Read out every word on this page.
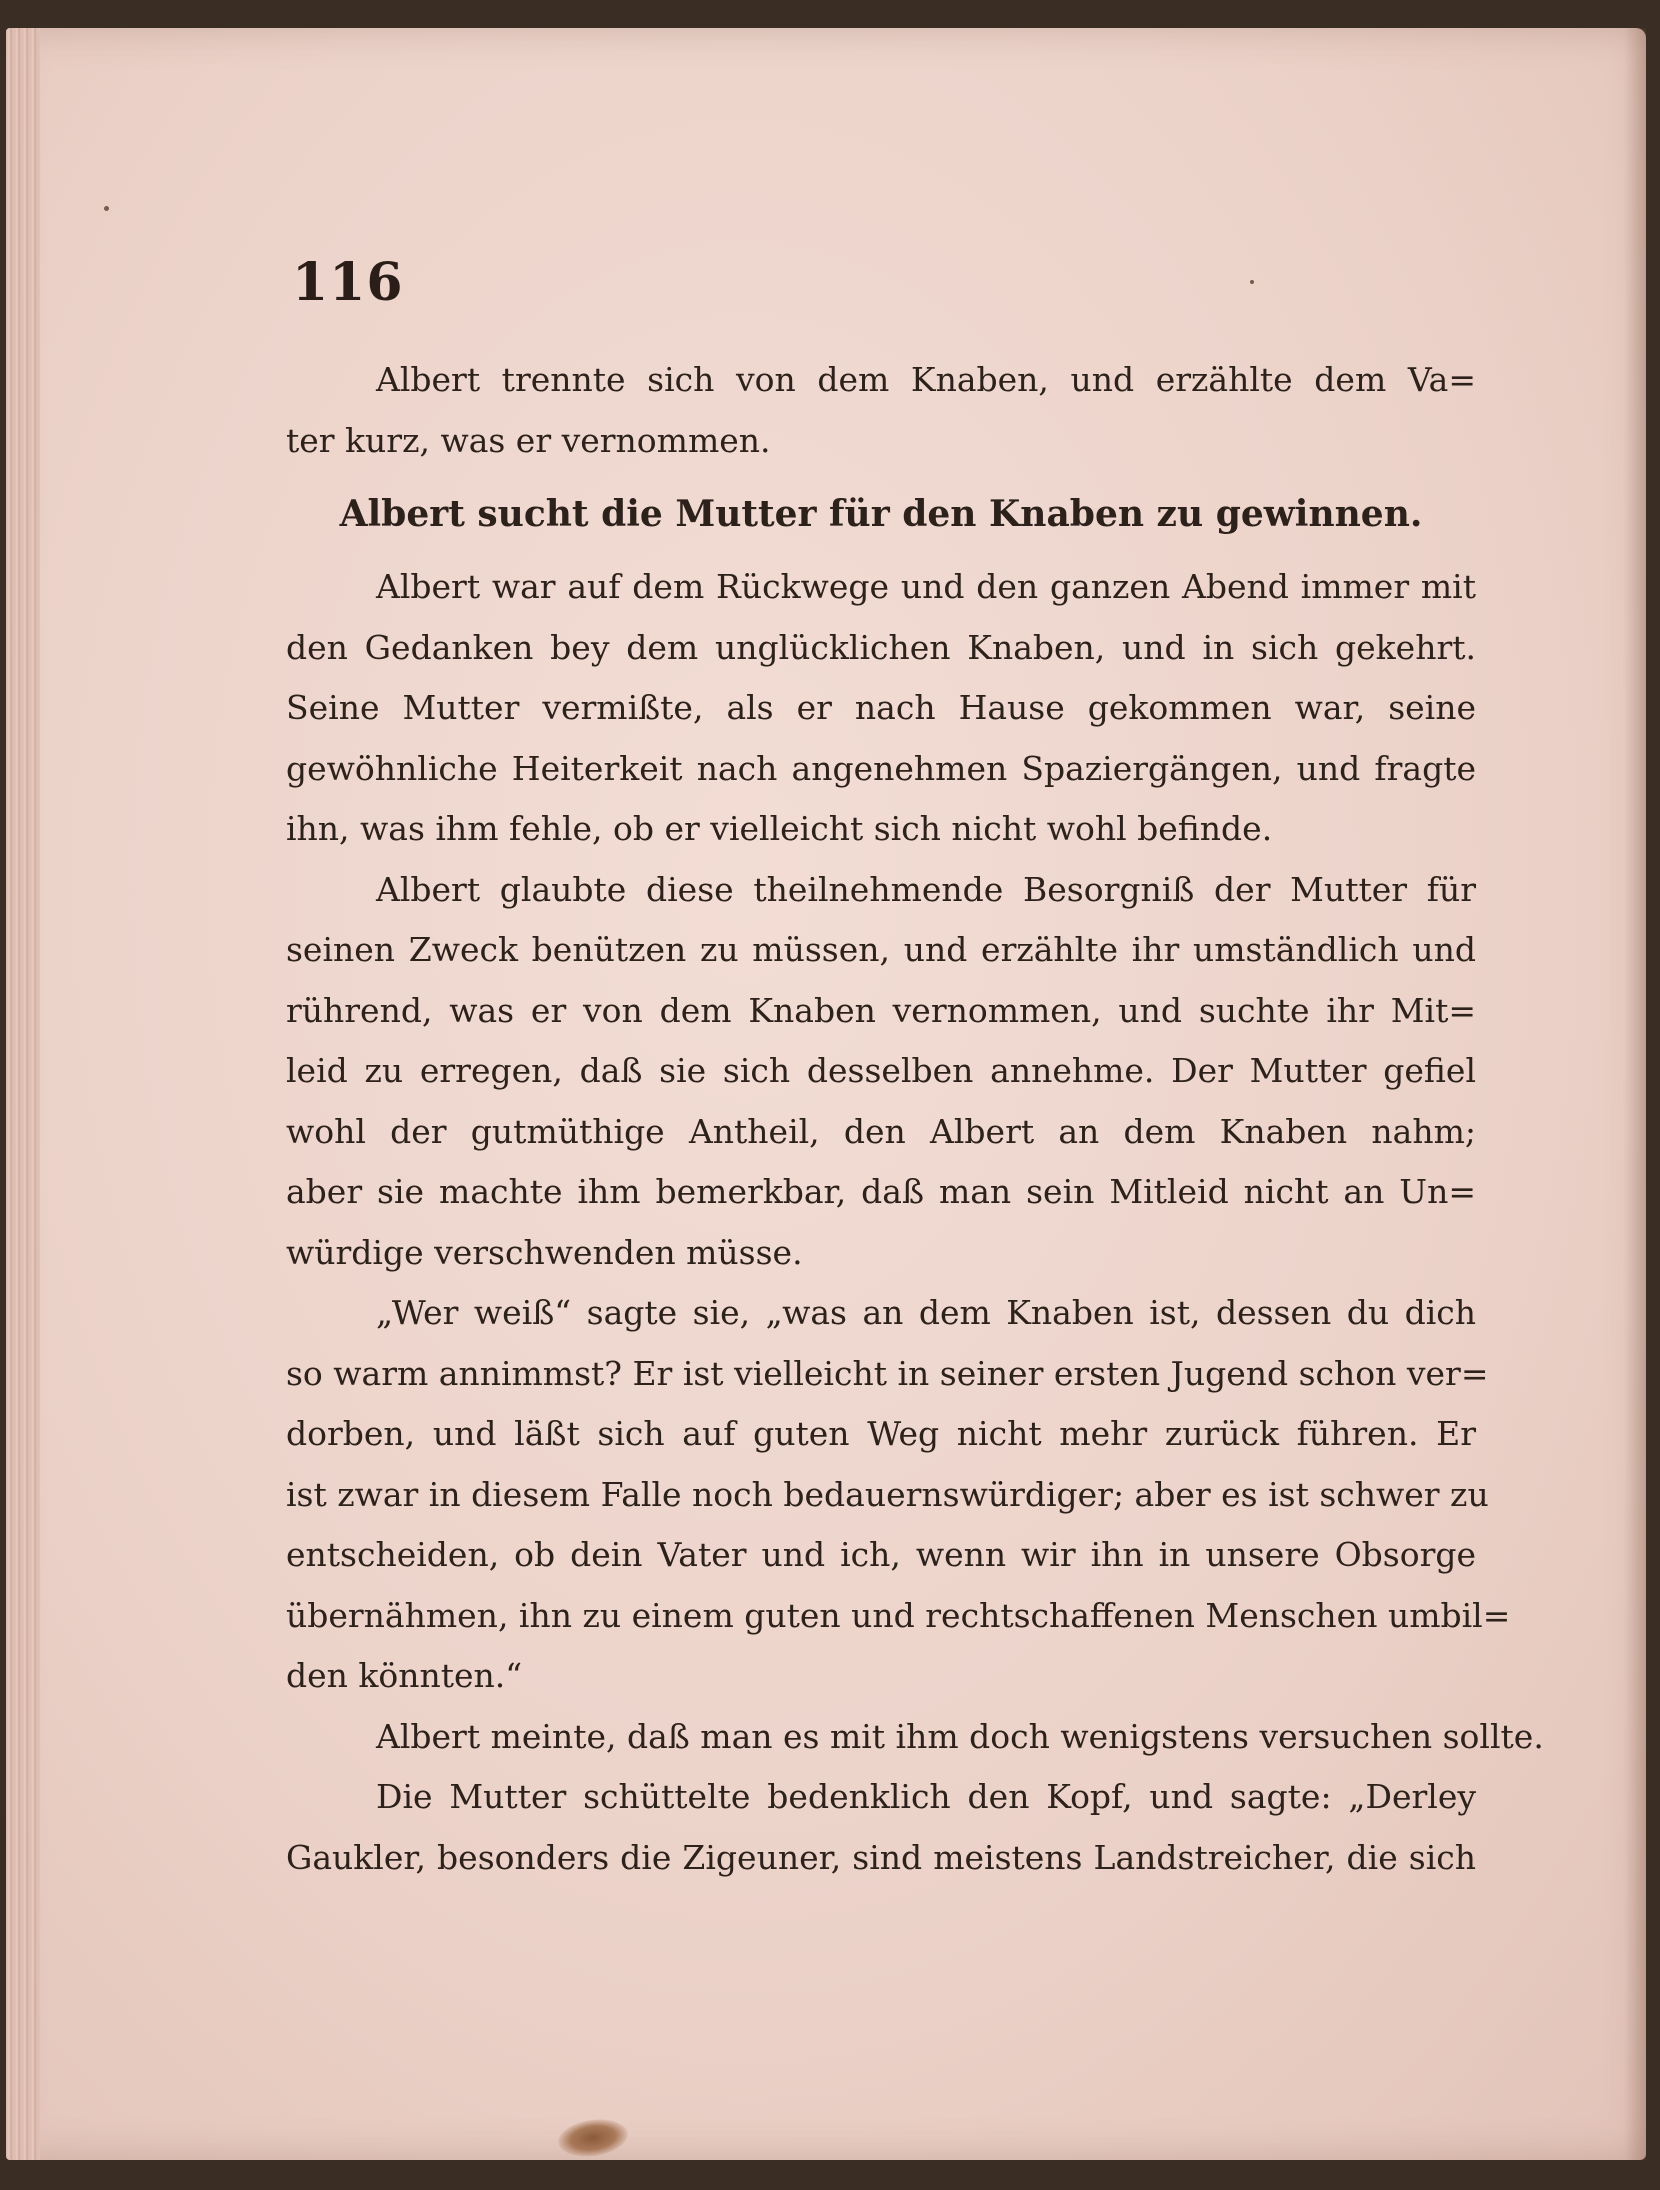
116
Albert trennte sich von dem Knaben, und erzählte dem Va=
ter kurz, was er vernommen.
Albert sucht die Mutter für den Knaben zu gewinnen.
Albert war auf dem Rückwege und den ganzen Abend immer mit
den Gedanken bey dem unglücklichen Knaben, und in sich gekehrt.
Seine Mutter vermißte, als er nach Hause gekommen war, seine
gewöhnliche Heiterkeit nach angenehmen Spaziergängen, und fragte
ihn, was ihm fehle, ob er vielleicht sich nicht wohl befinde.
Albert glaubte diese theilnehmende Besorgniß der Mutter für
seinen Zweck benützen zu müssen, und erzählte ihr umständlich und
rührend, was er von dem Knaben vernommen, und suchte ihr Mit=
leid zu erregen, daß sie sich desselben annehme. Der Mutter gefiel
wohl der gutmüthige Antheil, den Albert an dem Knaben nahm;
aber sie machte ihm bemerkbar, daß man sein Mitleid nicht an Un=
würdige verschwenden müsse.
„Wer weiß“ sagte sie, „was an dem Knaben ist, dessen du dich
so warm annimmst? Er ist vielleicht in seiner ersten Jugend schon ver=
dorben, und läßt sich auf guten Weg nicht mehr zurück führen. Er
ist zwar in diesem Falle noch bedauernswürdiger; aber es ist schwer zu
entscheiden, ob dein Vater und ich, wenn wir ihn in unsere Obsorge
übernähmen, ihn zu einem guten und rechtschaffenen Menschen umbil=
den könnten.“
Albert meinte, daß man es mit ihm doch wenigstens versuchen sollte.
Die Mutter schüttelte bedenklich den Kopf, und sagte: „Derley
Gaukler, besonders die Zigeuner, sind meistens Landstreicher, die sich
